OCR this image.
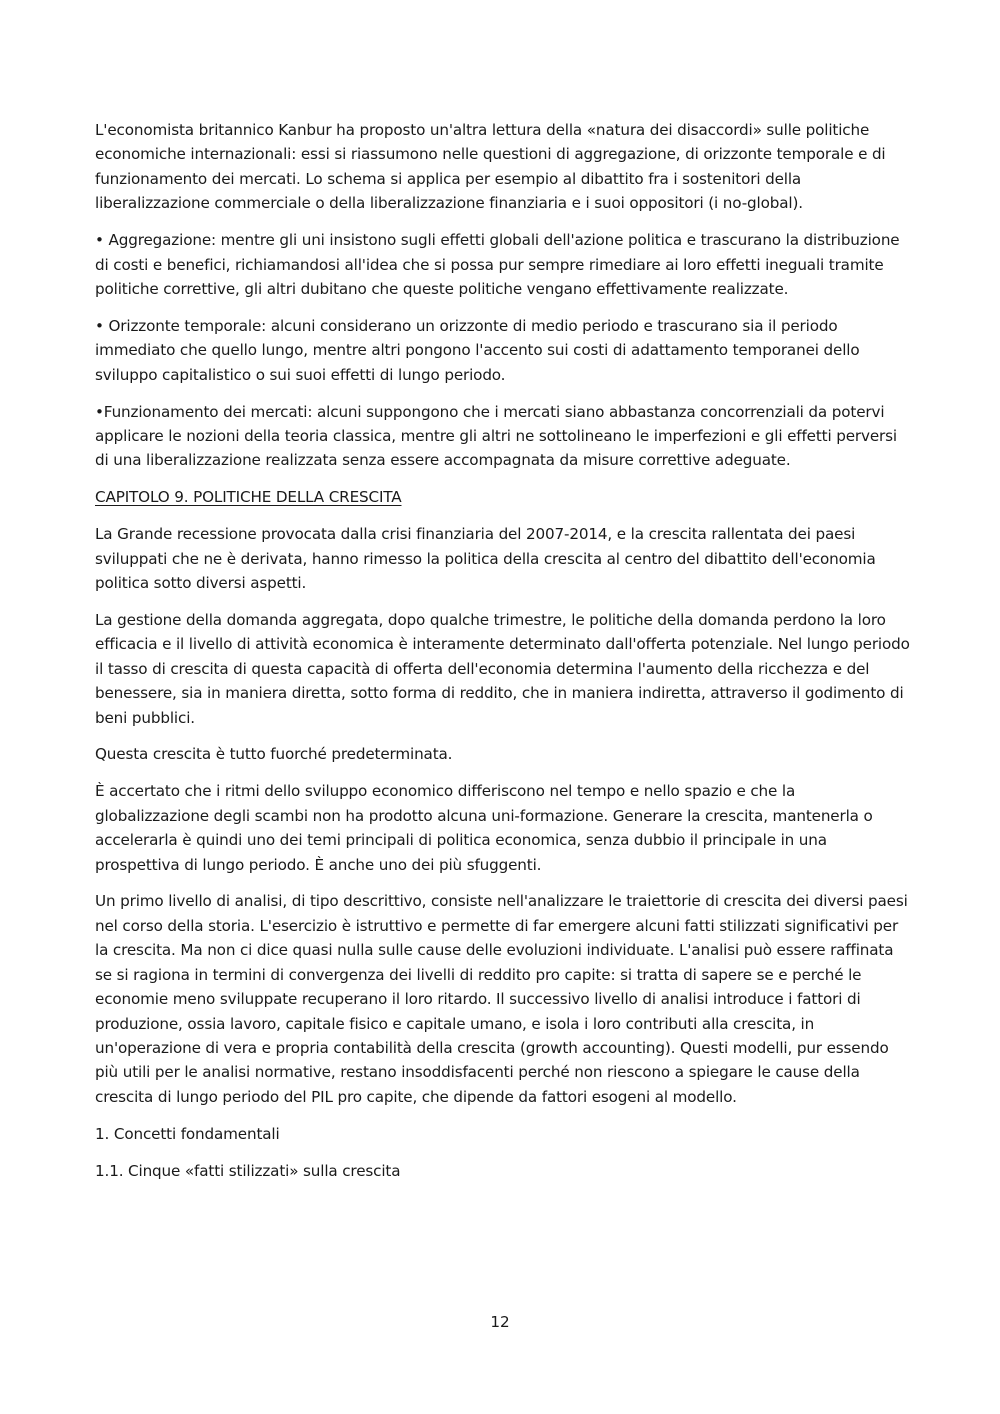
L'economista britannico Kanbur ha proposto un'altra lettura della «natura dei disaccordi» sulle politiche economiche internazionali: essi si riassumono nelle questioni di aggregazione, di orizzonte temporale e di funzionamento dei mercati. Lo schema si applica per esempio al dibattito fra i sostenitori della liberalizzazione commerciale o della liberalizzazione finanziaria e i suoi oppositori (i no-global).

• Aggregazione: mentre gli uni insistono sugli effetti globali dell'azione politica e trascurano la distribuzione di costi e benefici, richiamandosi all'idea che si possa pur sempre rimediare ai loro effetti ineguali tramite politiche correttive, gli altri dubitano che queste politiche vengano effettivamente realizzate.

• Orizzonte temporale: alcuni considerano un orizzonte di medio periodo e trascurano sia il periodo immediato che quello lungo, mentre altri pongono l'accento sui costi di adattamento temporanei dello sviluppo capitalistico o sui suoi effetti di lungo periodo.

•Funzionamento dei mercati: alcuni suppongono che i mercati siano abbastanza concorrenziali da potervi applicare le nozioni della teoria classica, mentre gli altri ne sottolineano le imperfezioni e gli effetti perversi di una liberalizzazione realizzata senza essere accompagnata da misure correttive adeguate.

CAPITOLO 9. POLITICHE DELLA CRESCITA

La Grande recessione provocata dalla crisi finanziaria del 2007-2014, e la crescita rallentata dei paesi sviluppati che ne è derivata, hanno rimesso la politica della crescita al centro del dibattito dell'economia politica sotto diversi aspetti.

La gestione della domanda aggregata, dopo qualche trimestre, le politiche della domanda perdono la loro efficacia e il livello di attività economica è interamente determinato dall'offerta potenziale. Nel lungo periodo il tasso di crescita di questa capacità di offerta dell'economia determina l'aumento della ricchezza e del benessere, sia in maniera diretta, sotto forma di reddito, che in maniera indiretta, attraverso il godimento di beni pubblici.

Questa crescita è tutto fuorché predeterminata.

È accertato che i ritmi dello sviluppo economico differiscono nel tempo e nello spazio e che la globalizzazione degli scambi non ha prodotto alcuna uni-formazione. Generare la crescita, mantenerla o accelerarla è quindi uno dei temi principali di politica economica, senza dubbio il principale in una prospettiva di lungo periodo. È anche uno dei più sfuggenti.

Un primo livello di analisi, di tipo descrittivo, consiste nell'analizzare le traiettorie di crescita dei diversi paesi nel corso della storia. L'esercizio è istruttivo e permette di far emergere alcuni fatti stilizzati significativi per la crescita. Ma non ci dice quasi nulla sulle cause delle evoluzioni individuate. L'analisi può essere raffinata se si ragiona in termini di convergenza dei livelli di reddito pro capite: si tratta di sapere se e perché le economie meno sviluppate recuperano il loro ritardo. Il successivo livello di analisi introduce i fattori di produzione, ossia lavoro, capitale fisico e capitale umano, e isola i loro contributi alla crescita, in un'operazione di vera e propria contabilità della crescita (growth accounting). Questi modelli, pur essendo più utili per le analisi normative, restano insoddisfacenti perché non riescono a spiegare le cause della crescita di lungo periodo del PIL pro capite, che dipende da fattori esogeni al modello.

1. Concetti fondamentali

1.1. Cinque «fatti stilizzati» sulla crescita

12
